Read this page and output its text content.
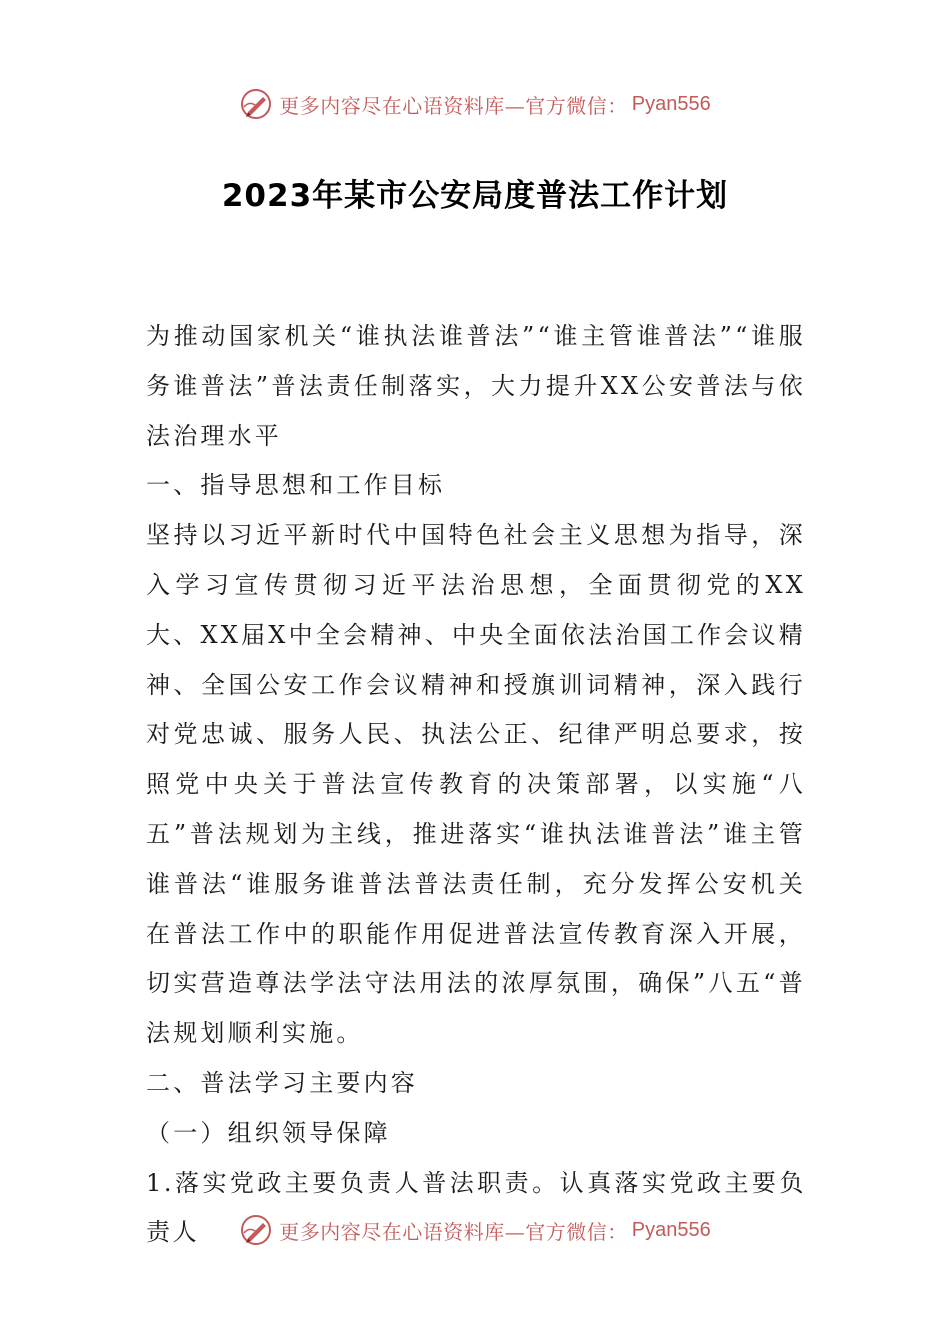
更多内容尽在心语资料库—官方微信： Pyan556
2023年某市公安局度普法工作计划

为推动国家机关“谁执法谁普法”“谁主管谁普法”“谁服务谁普法”普法责任制落实，大力提升XX公安普法与依法治理水平

一、指导思想和工作目标

坚持以习近平新时代中国特色社会主义思想为指导，深入学习宣传贯彻习近平法治思想，全面贯彻党的XX大、XX届X中全会精神、中央全面依法治国工作会议精神、全国公安工作会议精神和授旗训词精神，深入践行对党忠诚、服务人民、执法公正、纪律严明总要求，按照党中央关于普法宣传教育的决策部署，以实施“八五”普法规划为主线，推进落实“谁执法谁普法”谁主管谁普法“谁服务谁普法普法责任制，充分发挥公安机关在普法工作中的职能作用促进普法宣传教育深入开展，切实营造尊法学法守法用法的浓厚氛围，确保”八五“普法规划顺利实施。

二、普法学习主要内容

（一）组织领导保障

1.落实党政主要负责人普法职责。认真落实党政主要负责人	更多内容尽在心语资料库—官方微信： Pyan556
